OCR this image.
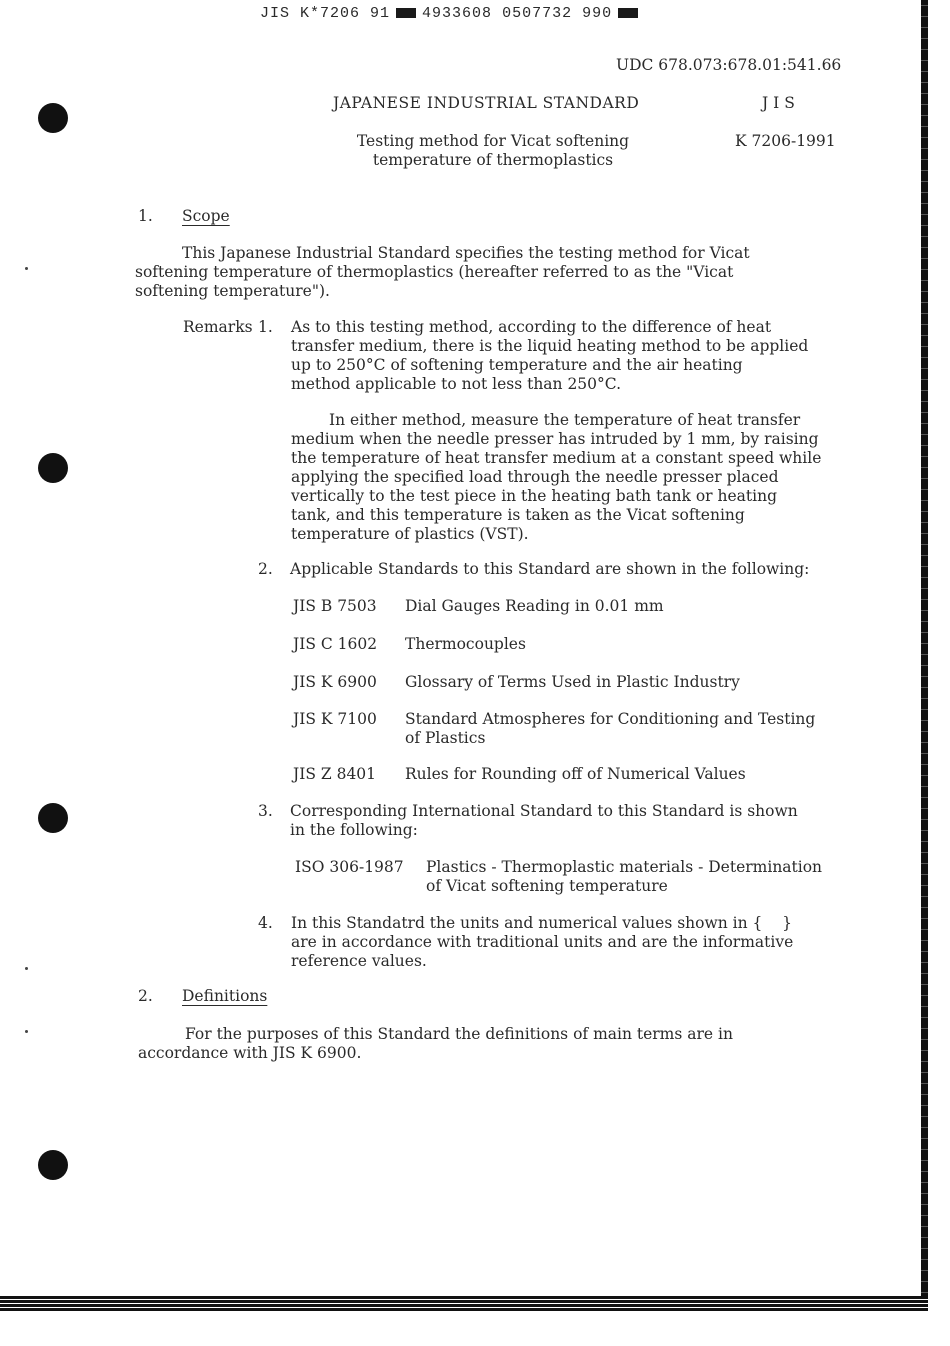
JIS K*7206 91 4933608 0507732 990
UDC 678.073:678.01:541.66
JAPANESE INDUSTRIAL STANDARD	J I S
Testing method for Vicat softening
temperature of thermoplastics
K 7206-1991
1. Scope
This Japanese Industrial Standard specifies the testing method for Vicat
softening temperature of thermoplastics (hereafter referred to as the "Vicat
softening temperature").
Remarks 1. As to this testing method, according to the difference of heat
transfer medium, there is the liquid heating method to be applied
up to 250°C of softening temperature and the air heating
method applicable to not less than 250°C.
In either method, measure the temperature of heat transfer
medium when the needle presser has intruded by 1 mm, by raising
the temperature of heat transfer medium at a constant speed while
applying the specified load through the needle presser placed
vertically to the test piece in the heating bath tank or heating
tank, and this temperature is taken as the Vicat softening
temperature of plastics (VST).
2. Applicable Standards to this Standard are shown in the following:
JIS B 7503 Dial Gauges Reading in 0.01 mm
JIS C 1602 Thermocouples
JIS K 6900 Glossary of Terms Used in Plastic Industry
JIS K 7100 Standard Atmospheres for Conditioning and Testing
of Plastics
JIS Z 8401 Rules for Rounding off of Numerical Values
3. Corresponding International Standard to this Standard is shown
in the following:
ISO 306-1987 Plastics - Thermoplastic materials - Determination
of Vicat softening temperature
4. In this Standatrd the units and numerical values shown in {    }
are in accordance with traditional units and are the informative
reference values.
2. Definitions
For the purposes of this Standard the definitions of main terms are in
accordance with JIS K 6900.
